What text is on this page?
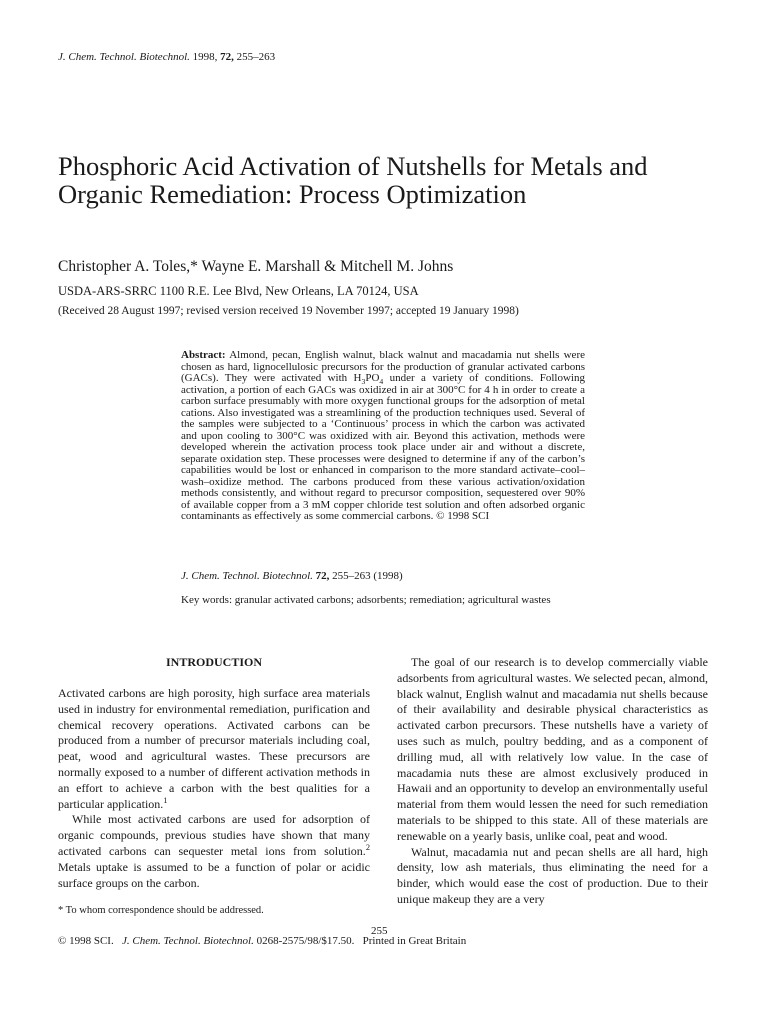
J. Chem. Technol. Biotechnol. 1998, 72, 255–263
Phosphoric Acid Activation of Nutshells for Metals and Organic Remediation: Process Optimization
Christopher A. Toles,* Wayne E. Marshall & Mitchell M. Johns
USDA-ARS-SRRC 1100 R.E. Lee Blvd, New Orleans, LA 70124, USA
(Received 28 August 1997; revised version received 19 November 1997; accepted 19 January 1998)
Abstract: Almond, pecan, English walnut, black walnut and macadamia nut shells were chosen as hard, lignocellulosic precursors for the production of granular activated carbons (GACs). They were activated with $H_3PO_4$ under a variety of conditions. Following activation, a portion of each GACs was oxidized in air at 300°C for 4 h in order to create a carbon surface presumably with more oxygen functional groups for the adsorption of metal cations. Also investigated was a streamlining of the production techniques used. Several of the samples were subjected to a ‘Continuous’ process in which the carbon was activated and upon cooling to 300°C was oxidized with air. Beyond this activation, methods were developed wherein the activation process took place under air and without a discrete, separate oxidation step. These processes were designed to determine if any of the carbon’s capabilities would be lost or enhanced in comparison to the more standard activate–cool–wash–oxidize method. The carbons produced from these various activation/oxidation methods consistently, and without regard to precursor composition, sequestered over 90% of available copper from a 3 mM copper chloride test solution and often adsorbed organic contaminants as effectively as some commercial carbons. © 1998 SCI
J. Chem. Technol. Biotechnol. 72, 255–263 (1998)
Key words: granular activated carbons; adsorbents; remediation; agricultural wastes
INTRODUCTION

Activated carbons are high porosity, high surface area materials used in industry for environmental remediation, purification and chemical recovery operations. Activated carbons can be produced from a number of precursor materials including coal, peat, wood and agricultural wastes. These precursors are normally exposed to a number of different activation methods in an effort to achieve a carbon with the best qualities for a particular application.$^1$

While most activated carbons are used for adsorption of organic compounds, previous studies have shown that many activated carbons can sequester metal ions from solution.$^2$ Metals uptake is assumed to be a function of polar or acidic surface groups on the carbon.

The goal of our research is to develop commercially viable adsorbents from agricultural wastes. We selected pecan, almond, black walnut, English walnut and macadamia nut shells because of their availability and desirable physical characteristics as activated carbon precursors. These nutshells have a variety of uses such as mulch, poultry bedding, and as a component of drilling mud, all with relatively low value. In the case of macadamia nuts these are almost exclusively produced in Hawaii and an opportunity to develop an environmentally useful material from them would lessen the need for such remediation materials to be shipped to this state. All of these materials are renewable on a yearly basis, unlike coal, peat and wood.

Walnut, macadamia nut and pecan shells are all hard, high density, low ash materials, thus eliminating the need for a binder, which would ease the cost of production. Due to their unique makeup they are a very

* To whom correspondence should be addressed.
255
© 1998 SCI. J. Chem. Technol. Biotechnol. 0268-2575/98/$17.50. Printed in Great Britain
